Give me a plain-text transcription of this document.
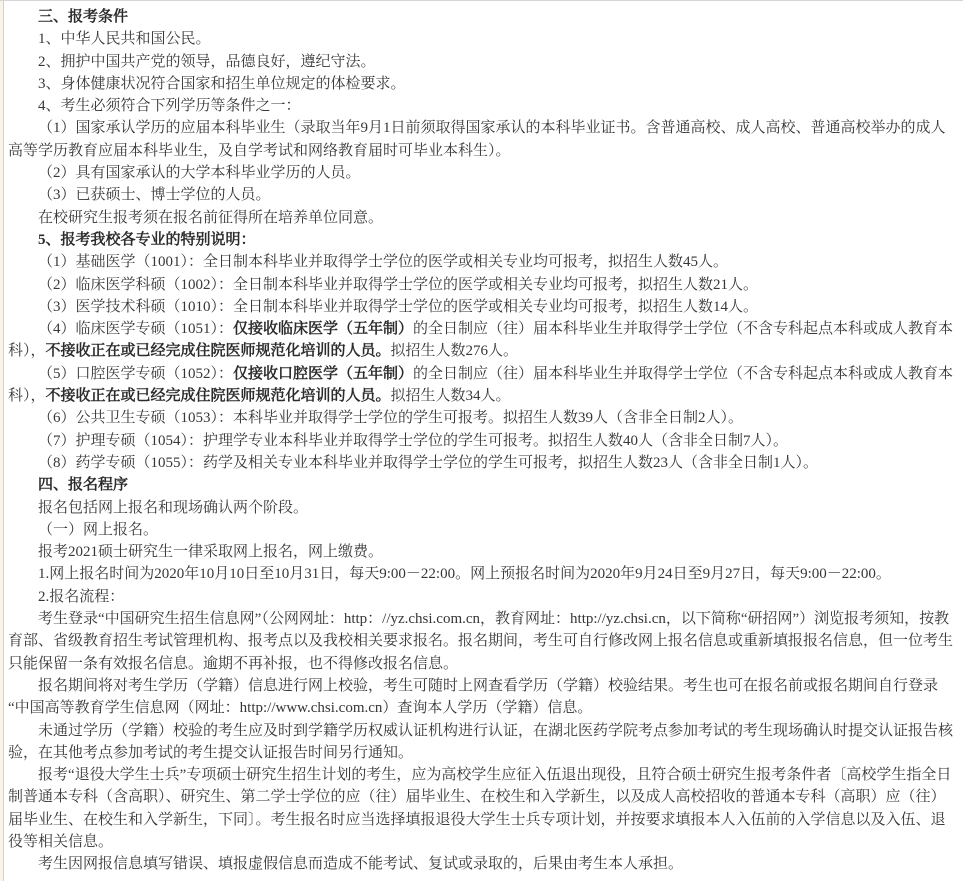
三、报考条件

1、中华人民共和国公民。

2、拥护中国共产党的领导，品德良好，遵纪守法。

3、身体健康状况符合国家和招生单位规定的体检要求。

4、考生必须符合下列学历等条件之一：

（1）国家承认学历的应届本科毕业生（录取当年9月1日前须取得国家承认的本科毕业证书。含普通高校、成人高校、普通高校举办的成人高等学历教育应届本科毕业生，及自学考试和网络教育届时可毕业本科生）。

（2）具有国家承认的大学本科毕业学历的人员。

（3）已获硕士、博士学位的人员。

在校研究生报考须在报名前征得所在培养单位同意。

5、报考我校各专业的特别说明：

（1）基础医学（1001）：全日制本科毕业并取得学士学位的医学或相关专业均可报考，拟招生人数45人。

（2）临床医学科硕（1002）：全日制本科毕业并取得学士学位的医学或相关专业均可报考，拟招生人数21人。

（3）医学技术科硕（1010）：全日制本科毕业并取得学士学位的医学或相关专业均可报考，拟招生人数14人。

（4）临床医学专硕（1051）：仅接收临床医学（五年制）的全日制应（往）届本科毕业生并取得学士学位（不含专科起点本科或成人教育本科），不接收正在或已经完成住院医师规范化培训的人员。拟招生人数276人。

（5）口腔医学专硕（1052）：仅接收口腔医学（五年制）的全日制应（往）届本科毕业生并取得学士学位（不含专科起点本科或成人教育本科），不接收正在或已经完成住院医师规范化培训的人员。拟招生人数34人。

（6）公共卫生专硕（1053）：本科毕业并取得学士学位的学生可报考。拟招生人数39人（含非全日制2人）。

（7）护理专硕（1054）：护理学专业本科毕业并取得学士学位的学生可报考。拟招生人数40人（含非全日制7人）。

（8）药学专硕（1055）：药学及相关专业本科毕业并取得学士学位的学生可报考，拟招生人数23人（含非全日制1人）。

四、报名程序

报名包括网上报名和现场确认两个阶段。

（一）网上报名。

报考2021硕士研究生一律采取网上报名，网上缴费。

1.网上报名时间为2020年10月10日至10月31日，每天9:00－22:00。网上预报名时间为2020年9月24日至9月27日，每天9:00－22:00。

2.报名流程：

考生登录“中国研究生招生信息网”（公网网址：http：//yz.chsi.com.cn，教育网址：http://yz.chsi.cn，以下简称“研招网”）浏览报考须知，按教育部、省级教育招生考试管理机构、报考点以及我校相关要求报名。报名期间，考生可自行修改网上报名信息或重新填报报名信息，但一位考生只能保留一条有效报名信息。逾期不再补报，也不得修改报名信息。

报名期间将对考生学历（学籍）信息进行网上校验，考生可随时上网查看学历（学籍）校验结果。考生也可在报名前或报名期间自行登录“中国高等教育学生信息网（网址：http://www.chsi.com.cn）查询本人学历（学籍）信息。

未通过学历（学籍）校验的考生应及时到学籍学历权威认证机构进行认证，在湖北医药学院考点参加考试的考生现场确认时提交认证报告核验，在其他考点参加考试的考生提交认证报告时间另行通知。

报考“退役大学生士兵”专项硕士研究生招生计划的考生，应为高校学生应征入伍退出现役，且符合硕士研究生报考条件者〔高校学生指全日制普通本专科（含高职）、研究生、第二学士学位的应（往）届毕业生、在校生和入学新生，以及成人高校招收的普通本专科（高职）应（往）届毕业生、在校生和入学新生，下同〕。考生报名时应当选择填报退役大学生士兵专项计划，并按要求填报本人入伍前的入学信息以及入伍、退役等相关信息。

考生因网报信息填写错误、填报虚假信息而造成不能考试、复试或录取的，后果由考生本人承担。
